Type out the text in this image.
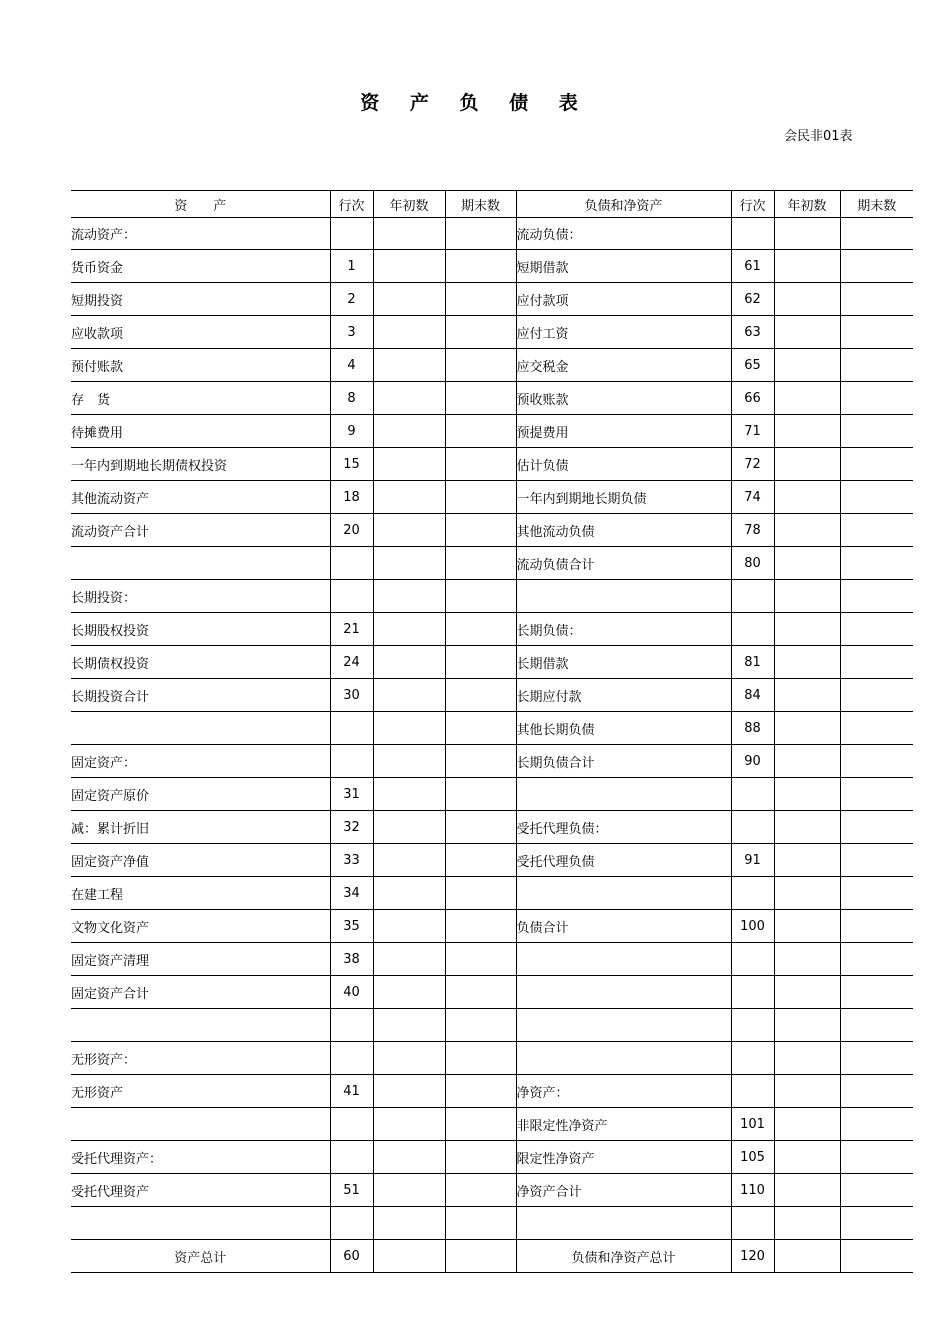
资 产 负 债 表
会民非01表
资　　产	行次	年初数	期末数	负债和净资产	行次	年初数	期末数
流动资产：				流动负债：			
货币资金	1			短期借款	61		
短期投资	2			应付款项	62		
应收款项	3			应付工资	63		
预付账款	4			应交税金	65		
存　货	8			预收账款	66		
待摊费用	9			预提费用	71		
一年内到期地长期债权投资	15			估计负债	72		
其他流动资产	18			一年内到期地长期负债	74		
流动资产合计	20			其他流动负债	78		
				流动负债合计	80		
长期投资：							
长期股权投资	21			长期负债：			
长期债权投资	24			长期借款	81		
长期投资合计	30			长期应付款	84		
				其他长期负债	88		
固定资产：				长期负债合计	90		
固定资产原价	31						
减：累计折旧	32			受托代理负债：			
固定资产净值	33			受托代理负债	91		
在建工程	34						
文物文化资产	35			负债合计	100		
固定资产清理	38						
固定资产合计	40						

无形资产：							
无形资产	41			净资产：			
				非限定性净资产	101		
受托代理资产：				限定性净资产	105		
受托代理资产	51			净资产合计	110		

资产总计	60			负债和净资产总计	120		
